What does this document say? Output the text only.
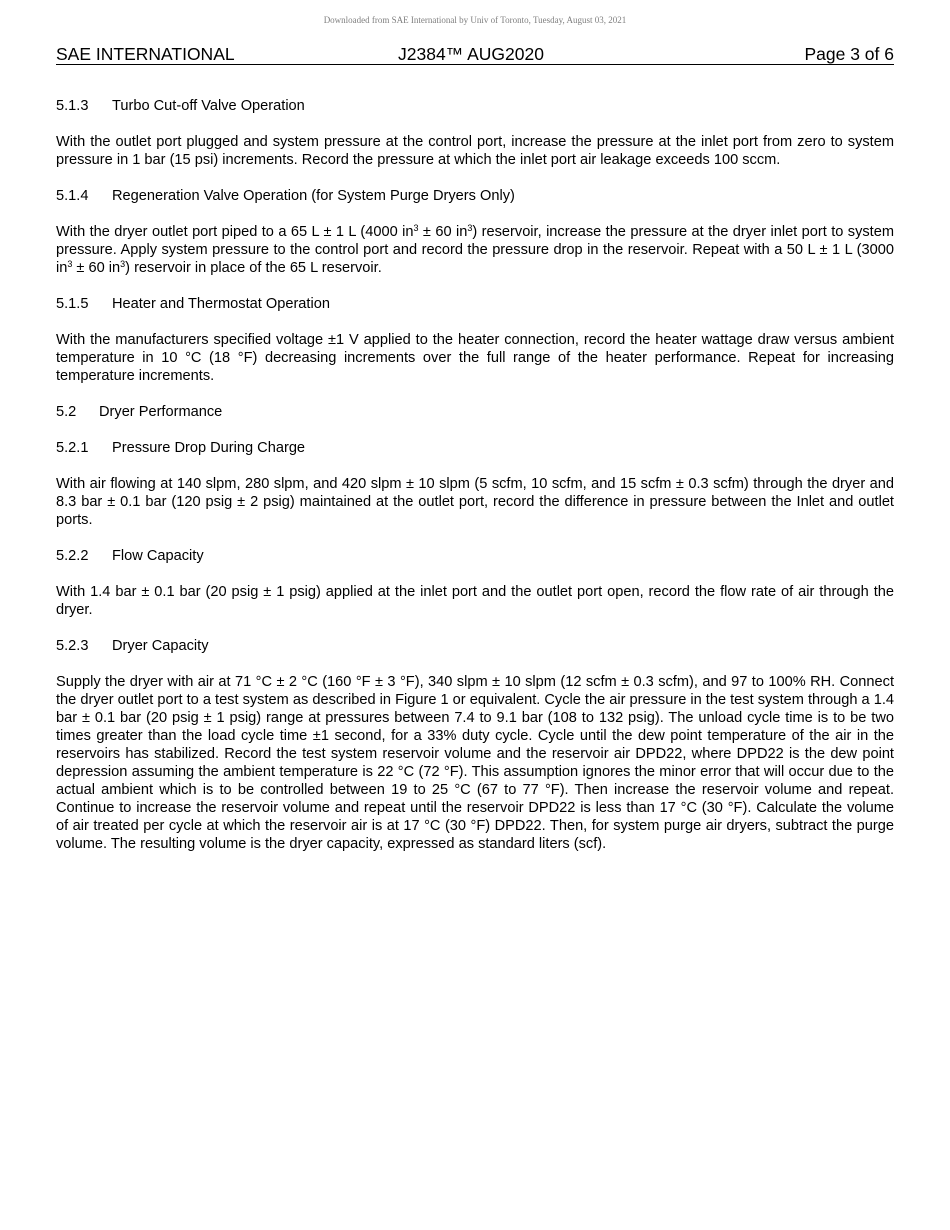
Downloaded from SAE International by Univ of Toronto, Tuesday, August 03, 2021
SAE INTERNATIONAL	J2384™ AUG2020	Page 3 of 6
5.1.3 Turbo Cut-off Valve Operation

With the outlet port plugged and system pressure at the control port, increase the pressure at the inlet port from zero to system pressure in 1 bar (15 psi) increments. Record the pressure at which the inlet port air leakage exceeds 100 sccm.

5.1.4 Regeneration Valve Operation (for System Purge Dryers Only)

With the dryer outlet port piped to a 65 L ± 1 L (4000 $in^3 \pm 60$ $in^3$) reservoir, increase the pressure at the dryer inlet port to system pressure. Apply system pressure to the control port and record the pressure drop in the reservoir. Repeat with a 50 L ± 1 L (3000 $in^3 \pm 60$ $in^3$) reservoir in place of the 65 L reservoir.

5.1.5 Heater and Thermostat Operation

With the manufacturers specified voltage ±1 V applied to the heater connection, record the heater wattage draw versus ambient temperature in 10 °C (18 °F) decreasing increments over the full range of the heater performance. Repeat for increasing temperature increments.

5.2 Dryer Performance
5.2.1 Pressure Drop During Charge

With air flowing at 140 slpm, 280 slpm, and 420 slpm ± 10 slpm (5 scfm, 10 scfm, and 15 scfm ± 0.3 scfm) through the dryer and 8.3 bar ± 0.1 bar (120 psig ± 2 psig) maintained at the outlet port, record the difference in pressure between the Inlet and outlet ports.

5.2.2 Flow Capacity

With 1.4 bar ± 0.1 bar (20 psig ± 1 psig) applied at the inlet port and the outlet port open, record the flow rate of air through the dryer.

5.2.3 Dryer Capacity

Supply the dryer with air at 71 °C ± 2 °C (160 °F ± 3 °F), 340 slpm ± 10 slpm (12 scfm ± 0.3 scfm), and 97 to 100% RH. Connect the dryer outlet port to a test system as described in Figure 1 or equivalent. Cycle the air pressure in the test system through a 1.4 bar ± 0.1 bar (20 psig ± 1 psig) range at pressures between 7.4 to 9.1 bar (108 to 132 psig). The unload cycle time is to be two times greater than the load cycle time ±1 second, for a 33% duty cycle. Cycle until the dew point temperature of the air in the reservoirs has stabilized. Record the test system reservoir volume and the reservoir air DPD22, where DPD22 is the dew point depression assuming the ambient temperature is 22 °C (72 °F). This assumption ignores the minor error that will occur due to the actual ambient which is to be controlled between 19 to 25 °C (67 to 77 °F). Then increase the reservoir volume and repeat. Continue to increase the reservoir volume and repeat until the reservoir DPD22 is less than 17 °C (30 °F). Calculate the volume of air treated per cycle at which the reservoir air is at 17 °C (30 °F) DPD22. Then, for system purge air dryers, subtract the purge volume. The resulting volume is the dryer capacity, expressed as standard liters (scf).
